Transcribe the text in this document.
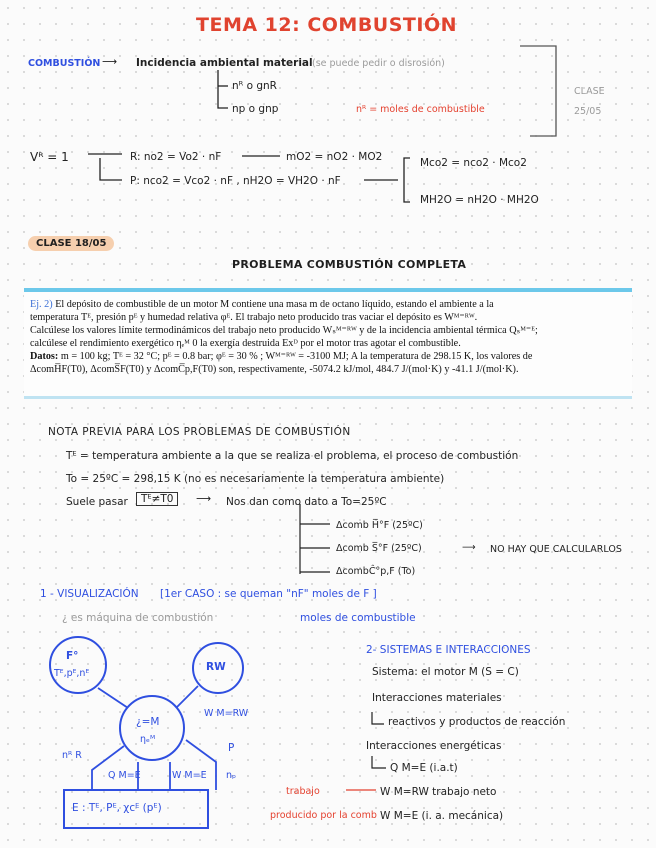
TEMA 12: COMBUSTIÓN
COMBUSTIÓN ⟶ Incidencia ambiental material (se puede pedir o disrosión)
nᴿ o gnR
np o gnp	nᴿ = moles de combustible
CLASE
25/05
Vᴿ = 1	R: no2 = Vo2 · nF	mO2 = nO2 · MO2
P: nco2 = Vco2 · nF , nH2O = VH2O · nF
Mco2 = nco2 · Mco2
MH2O = nH2O · MH2O
CLASE 18/05
PROBLEMA COMBUSTIÓN COMPLETA

Ej. 2) El depósito de combustible de un motor M contiene una masa m de octano líquido, estando el ambiente a la

temperatura Tᴱ, presión pᴱ y humedad relativa φᴱ. El trabajo neto producido tras vaciar el depósito es Wᴹ⁼ᴿᵂ.

Calcúlese los valores límite termodinámicos del trabajo neto producido Wₛᴹ⁼ᴿᵂ y de la incidencia ambiental térmica Qₛᴹ⁼ᴱ;

calcúlese el rendimiento exergético ηₑᴹ 0 la exergía destruida Exᴰ por el motor tras agotar el combustible.

Datos: m = 100 kg; Tᴱ = 32 °C; pᴱ = 0.8 bar; φᴱ = 30 % ; Wᴹ⁼ᴿᵂ = -3100 MJ; A la temperatura de 298.15 K, los valores de

ΔcomH̅F(T0), ΔcomS̅F(T0) y ΔcomC̅p,F(T0) son, respectivamente, -5074.2 kJ/mol, 484.7 J/(mol·K) y -41.1 J/(mol·K).

NOTA PREVIA PARA LOS PROBLEMAS DE COMBUSTIÓN
Tᴱ = temperatura ambiente a la que se realiza el problema, el proceso de combustión
To = 25ºC = 298,15 K (no es necesariamente la temperatura ambiente)
Suele pasar	Tᴱ≠T0	⟶ Nos dan como dato a To=25ºC
Δcomb H̅°F (25ºC)
Δcomb S̅°F (25ºC)
ΔcombĈ°p,F (To)
⟶ NO HAY QUE CALCULARLOS
1 - VISUALIZACIÓN [1er CASO : se queman "nF" moles de F ]
¿ es máquina de combustión	moles de combustible
F°
Tᴱ,pᴱ,nᴱ
RW
¿=M
ηₑᴹ
W M=RW
nᴿ R
Q M=E	W M=E
P
nₚ
E : Tᴱ, Pᴱ, χcᴱ (pᴱ)
2- SISTEMAS E INTERACCIONES
Sistema: el motor M (S = C)
Interacciones materiales
reactivos y productos de reacción
Interacciones energéticas
Q M=E (i.a.t)
trabajo	W M=RW trabajo neto
producido por la comb W M=E (i. a. mecánica)
